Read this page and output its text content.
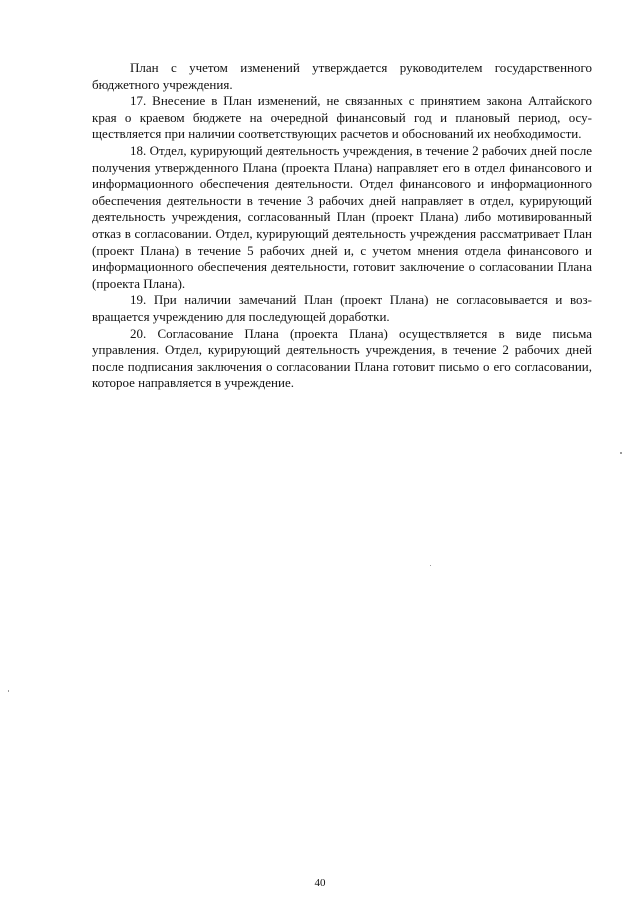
План с учетом изменений утверждается руководителем государственного бюджетного учреждения.

17. Внесение в План изменений, не связанных с принятием закона Алтайского края о краевом бюджете на очередной финансовый год и плановый период, осуществляется при наличии соответствующих расчетов и обоснований их необходимости.

18. Отдел, курирующий деятельность учреждения, в течение 2 рабочих дней после получения утвержденного Плана (проекта Плана) направляет его в отдел финансового и информационного обеспечения деятельности. Отдел финансового и информационного обеспечения деятельности в течение 3 рабочих дней направляет в отдел, курирующий деятельность учреждения, согласованный План (проект Плана) либо мотивированный отказ в согласовании. Отдел, курирующий деятельность учреждения рассматривает План (проект Плана) в течение 5 рабочих дней и, с учетом мнения отдела финансового и информационного обеспечения деятельности, готовит заключение о согласовании Плана (проекта Плана).

19. При наличии замечаний План (проект Плана) не согласовывается и возвращается учреждению для последующей доработки.

20. Согласование Плана (проекта Плана) осуществляется в виде письма управления. Отдел, курирующий деятельность учреждения, в течение 2 рабочих дней после подписания заключения о согласовании Плана готовит письмо о его согласовании, которое направляется в учреждение.

40
